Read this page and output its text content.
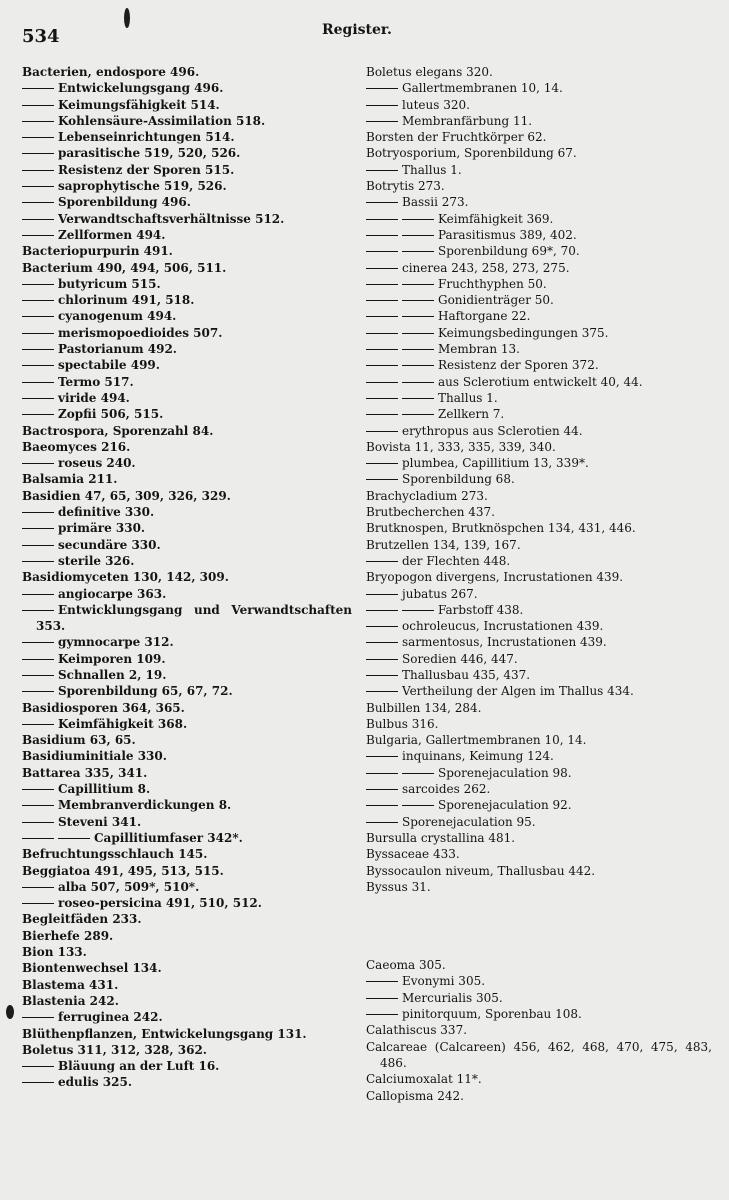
534	Register.
Bacterien, endospore 496.
Entwickelungsgang 496.
Keimungsfähigkeit 514.
Kohlensäure-Assimilation 518.
Lebenseinrichtungen 514.
parasitische 519, 520, 526.
Resistenz der Sporen 515.
saprophytische 519, 526.
Sporenbildung 496.
Verwandtschaftsverhältnisse 512.
Zellformen 494.
Bacteriopurpurin 491.
Bacterium 490, 494, 506, 511.
butyricum 515.
chlorinum 491, 518.
cyanogenum 494.
merismopoedioides 507.
Pastorianum 492.
spectabile 499.
Termo 517.
viride 494.
Zopfii 506, 515.
Bactrospora, Sporenzahl 84.
Baeomyces 216.
roseus 240.
Balsamia 211.
Basidien 47, 65, 309, 326, 329.
definitive 330.
primäre 330.
secundäre 330.
sterile 326.
Basidiomyceten 130, 142, 309.
angiocarpe 363.
Entwicklungsgang und Verwandtschaften 353.
gymnocarpe 312.
Keimporen 109.
Schnallen 2, 19.
Sporenbildung 65, 67, 72.
Basidiosporen 364, 365.
Keimfähigkeit 368.
Basidium 63, 65.
Basidiuminitiale 330.
Battarea 335, 341.
Capillitium 8.
Membranverdickungen 8.
Steveni 341.
Capillitiumfaser 342*.
Befruchtungsschlauch 145.
Beggiatoa 491, 495, 513, 515.
alba 507, 509*, 510*.
roseo-persicina 491, 510, 512.
Begleitfäden 233.
Bierhefe 289.
Bion 133.
Biontenwechsel 134.
Blastema 431.
Blastenia 242.
ferruginea 242.
Blüthenpflanzen, Entwickelungsgang 131.
Boletus 311, 312, 328, 362.
Bläuung an der Luft 16.
edulis 325.
Boletus elegans 320.
Gallertmembranen 10, 14.
luteus 320.
Membranfärbung 11.
Borsten der Fruchtkörper 62.
Botryosporium, Sporenbildung 67.
Thallus 1.
Botrytis 273.
Bassii 273.
Keimfähigkeit 369.
Parasitismus 389, 402.
Sporenbildung 69*, 70.
cinerea 243, 258, 273, 275.
Fruchthyphen 50.
Gonidienträger 50.
Haftorgane 22.
Keimungsbedingungen 375.
Membran 13.
Resistenz der Sporen 372.
aus Sclerotium entwickelt 40, 44.
Thallus 1.
Zellkern 7.
erythropus aus Sclerotien 44.
Bovista 11, 333, 335, 339, 340.
plumbea, Capillitium 13, 339*.
Sporenbildung 68.
Brachycladium 273.
Brutbecherchen 437.
Brutknospen, Brutknöspchen 134, 431, 446.
Brutzellen 134, 139, 167.
der Flechten 448.
Bryopogon divergens, Incrustationen 439.
jubatus 267.
Farbstoff 438.
ochroleucus, Incrustationen 439.
sarmentosus, Incrustationen 439.
Soredien 446, 447.
Thallusbau 435, 437.
Vertheilung der Algen im Thallus 434.
Bulbillen 134, 284.
Bulbus 316.
Bulgaria, Gallertmembranen 10, 14.
inquinans, Keimung 124.
Sporenejaculation 98.
sarcoides 262.
Sporenejaculation 92.
Sporenejaculation 95.
Bursulla crystallina 481.
Byssaceae 433.
Byssocaulon niveum, Thallusbau 442.
Byssus 31.
Caeoma 305.
Evonymi 305.
Mercurialis 305.
pinitorquum, Sporenbau 108.
Calathiscus 337.
Calcareae (Calcareen) 456, 462, 468, 470, 475, 483, 486.
Calciumoxalat 11*.
Callopisma 242.
